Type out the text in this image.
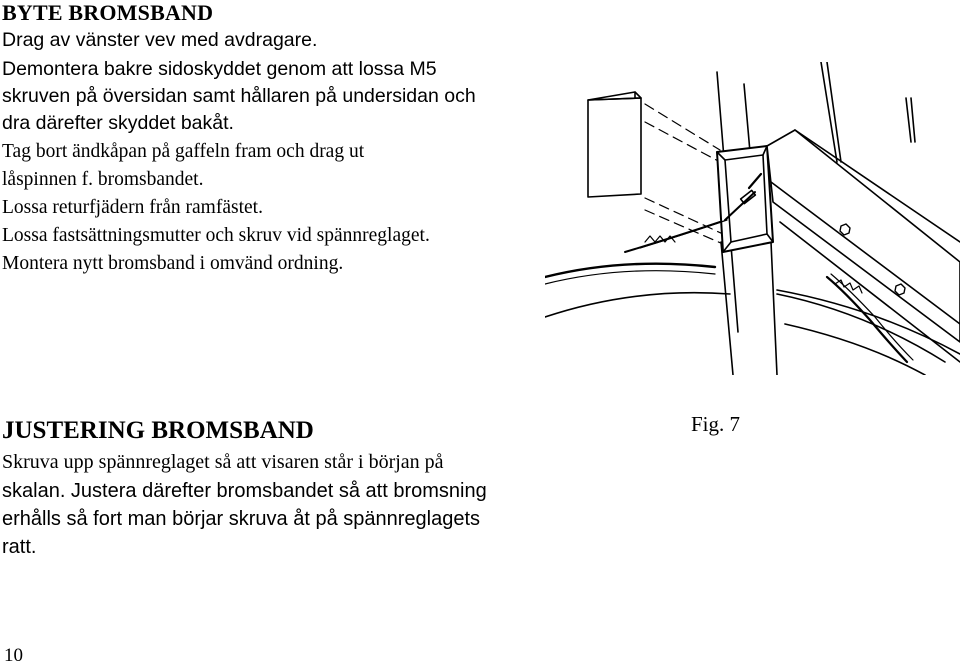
BYTE BROMSBAND
Drag av vänster vev med avdragare.
Demontera bakre sidoskyddet genom att lossa M5
skruven på översidan samt hållaren på undersidan och
dra därefter skyddet bakåt.
Tag bort ändkåpan på gaffeln fram och drag ut
låspinnen f. bromsbandet.
Lossa returfjädern från ramfästet.
Lossa fastsättningsmutter och skruv vid spännreglaget.
Montera nytt bromsband i omvänd ordning.
JUSTERING BROMSBAND	Fig. 7
Skruva upp spännreglaget så att visaren står i början på
skalan. Justera därefter bromsbandet så att bromsning
erhålls så fort man börjar skruva åt på spännreglagets
ratt.
10
